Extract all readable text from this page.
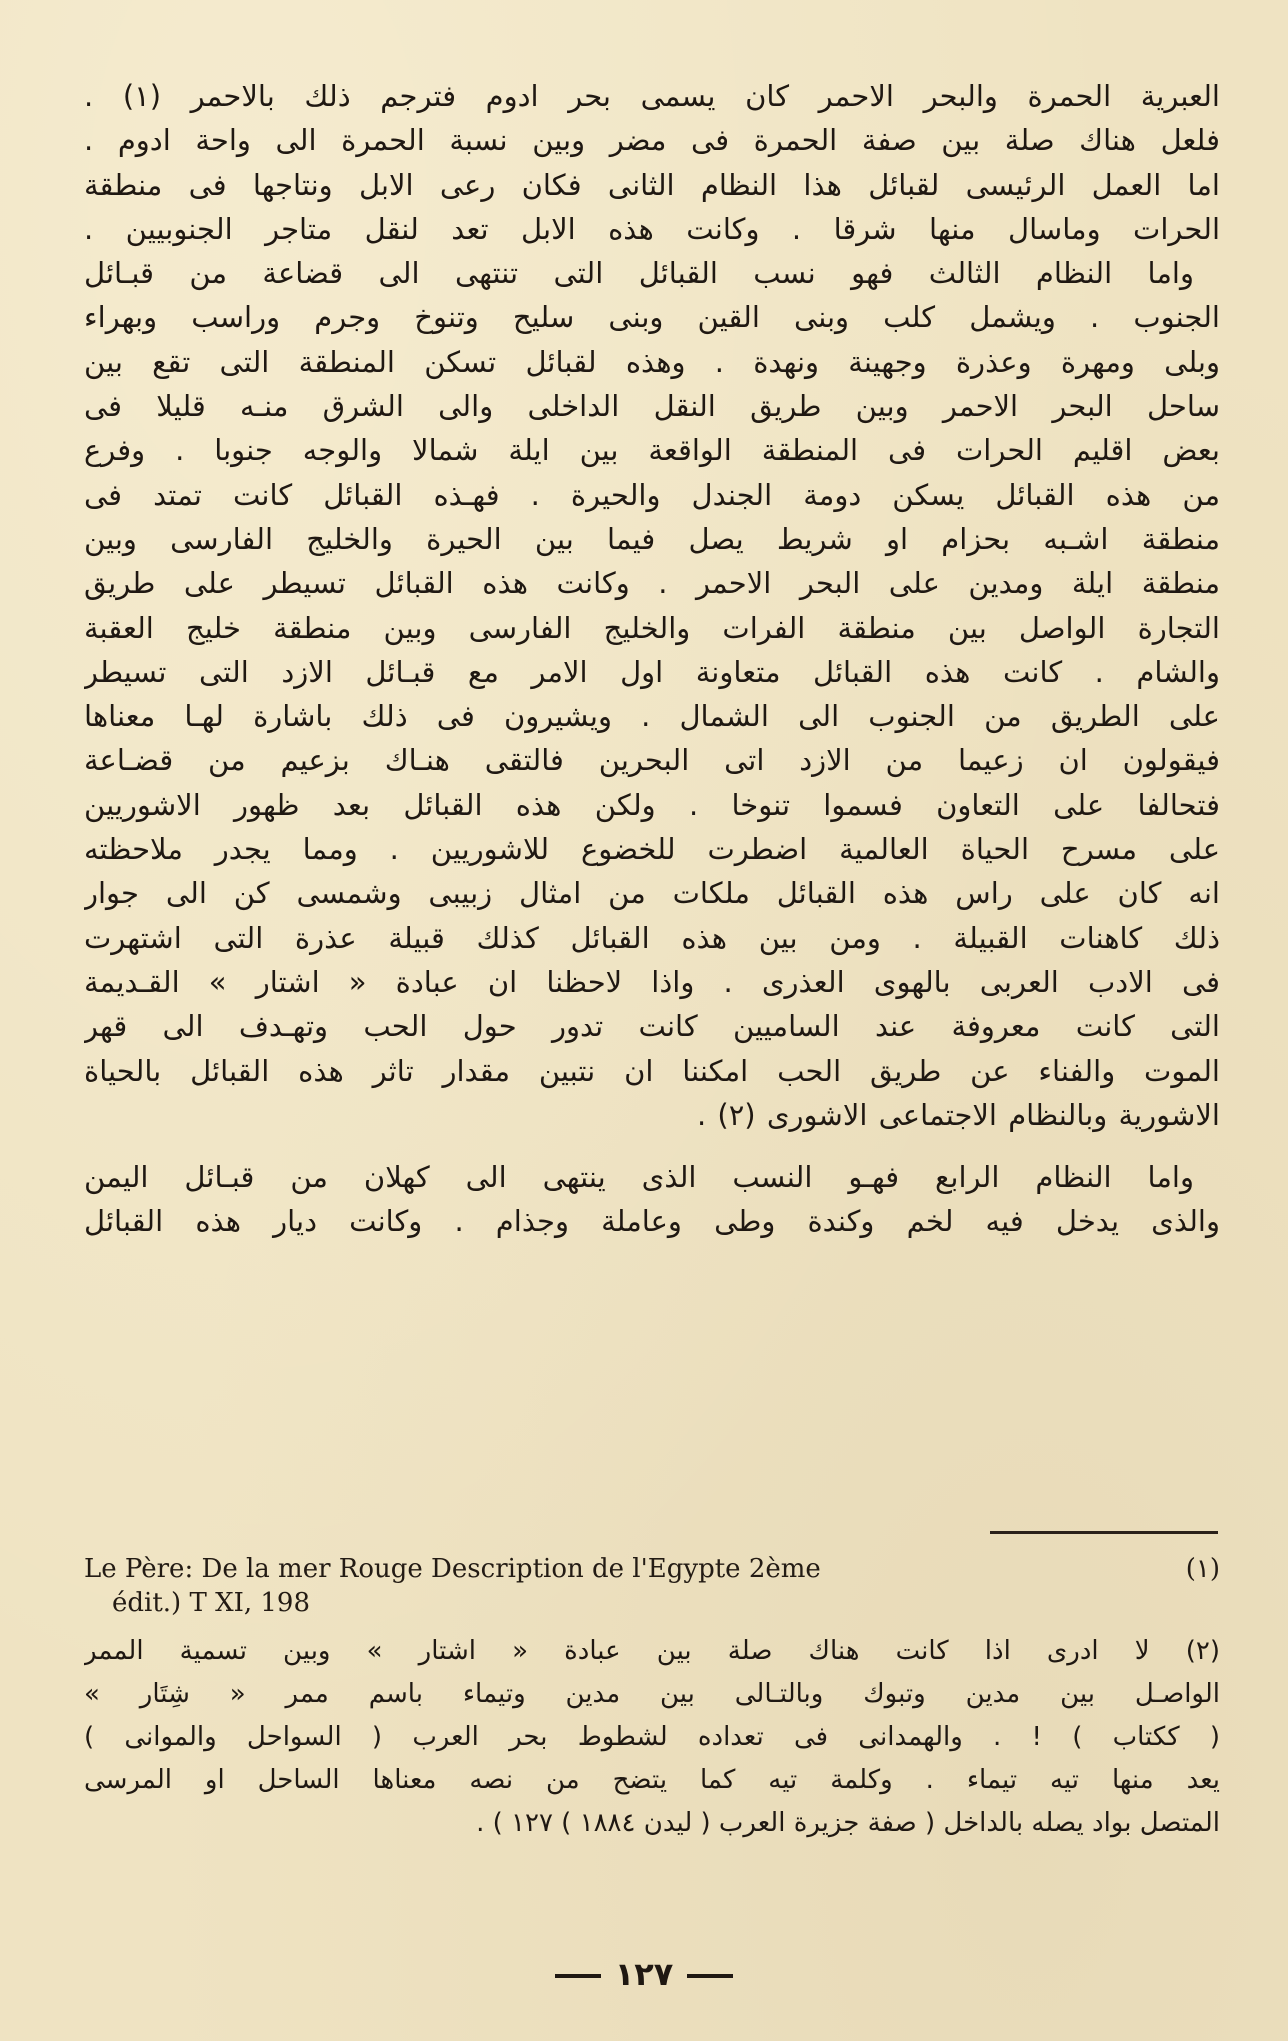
العبرية الحمرة والبحر الاحمر كان يسمى بحر ادوم فترجم ذلك بالاحمر (١) .
فلعل هناك صلة بين صفة الحمرة فى مضر وبين نسبة الحمرة الى واحة ادوم .
اما العمل الرئيسى لقبائل هذا النظام الثانى فكان رعى الابل ونتاجها فى منطقة
الحرات وماسال منها شرقا . وكانت هذه الابل تعد لنقل متاجر الجنوبيين .
واما النظام الثالث فهو نسب القبائل التى تنتهى الى قضاعة من قبـائل
الجنوب . ويشمل كلب وبنى القين وبنى سليح وتنوخ وجرم وراسب وبهراء
وبلى ومهرة وعذرة وجهينة ونهدة . وهذه لقبائل تسكن المنطقة التى تقع بين
ساحل البحر الاحمر وبين طريق النقل الداخلى والى الشرق منـه قليلا فى
بعض اقليم الحرات فى المنطقة الواقعة بين ايلة شمالا والوجه جنوبا . وفرع
من هذه القبائل يسكن دومة الجندل والحيرة . فهـذه القبائل كانت تمتد فى
منطقة اشـبه بحزام او شريط يصل فيما بين الحيرة والخليج الفارسى وبين
منطقة ايلة ومدين على البحر الاحمر . وكانت هذه القبائل تسيطر على طريق
التجارة الواصل بين منطقة الفرات والخليج الفارسى وبين منطقة خليج العقبة
والشام . كانت هذه القبائل متعاونة اول الامر مع قبـائل الازد التى تسيطر
على الطريق من الجنوب الى الشمال . ويشيرون فى ذلك باشارة لهـا معناها
فيقولون ان زعيما من الازد اتى البحرين فالتقى هنـاك بزعيم من قضـاعة
فتحالفا على التعاون فسموا تنوخا . ولكن هذه القبائل بعد ظهور الاشوريين
على مسرح الحياة العالمية اضطرت للخضوع للاشوريين . ومما يجدر ملاحظته
انه كان على راس هذه القبائل ملكات من امثال زبيبى وشمسى كن الى جوار
ذلك كاهنات القبيلة . ومن بين هذه القبائل كذلك قبيلة عذرة التى اشتهرت
فى الادب العربى بالهوى العذرى . واذا لاحظنا ان عبادة « اشتار » القـديمة
التى كانت معروفة عند الساميين كانت تدور حول الحب وتهـدف الى قهر
الموت والفناء عن طريق الحب امكننا ان نتبين مقدار تاثر هذه القبائل بالحياة
الاشورية وبالنظام الاجتماعى الاشورى (٢) .
واما النظام الرابع فهـو النسب الذى ينتهى الى كهلان من قبـائل اليمن
والذى يدخل فيه لخم وكندة وطى وعاملة وجذام . وكانت ديار هذه القبائل
(١)
Le Père: De la mer Rouge Description de l'Egypte 2ème
édit.) T XI, 198
(٢) لا ادرى اذا كانت هناك صلة بين عبادة « اشتار » وبين تسمية الممر
الواصـل بين مدين وتبوك وبالتـالى بين مدين وتيماء باسم ممر « شِتَار »
( ككتاب ) ! . والهمدانى فى تعداده لشطوط بحر العرب ( السواحل والموانى )
يعد منها تيه تيماء . وكلمة تيه كما يتضح من نصه معناها الساحل او المرسى
المتصل بواد يصله بالداخل ( صفة جزيرة العرب ( ليدن ١٨٨٤ ) ١٢٧ ) .
١٢٧
